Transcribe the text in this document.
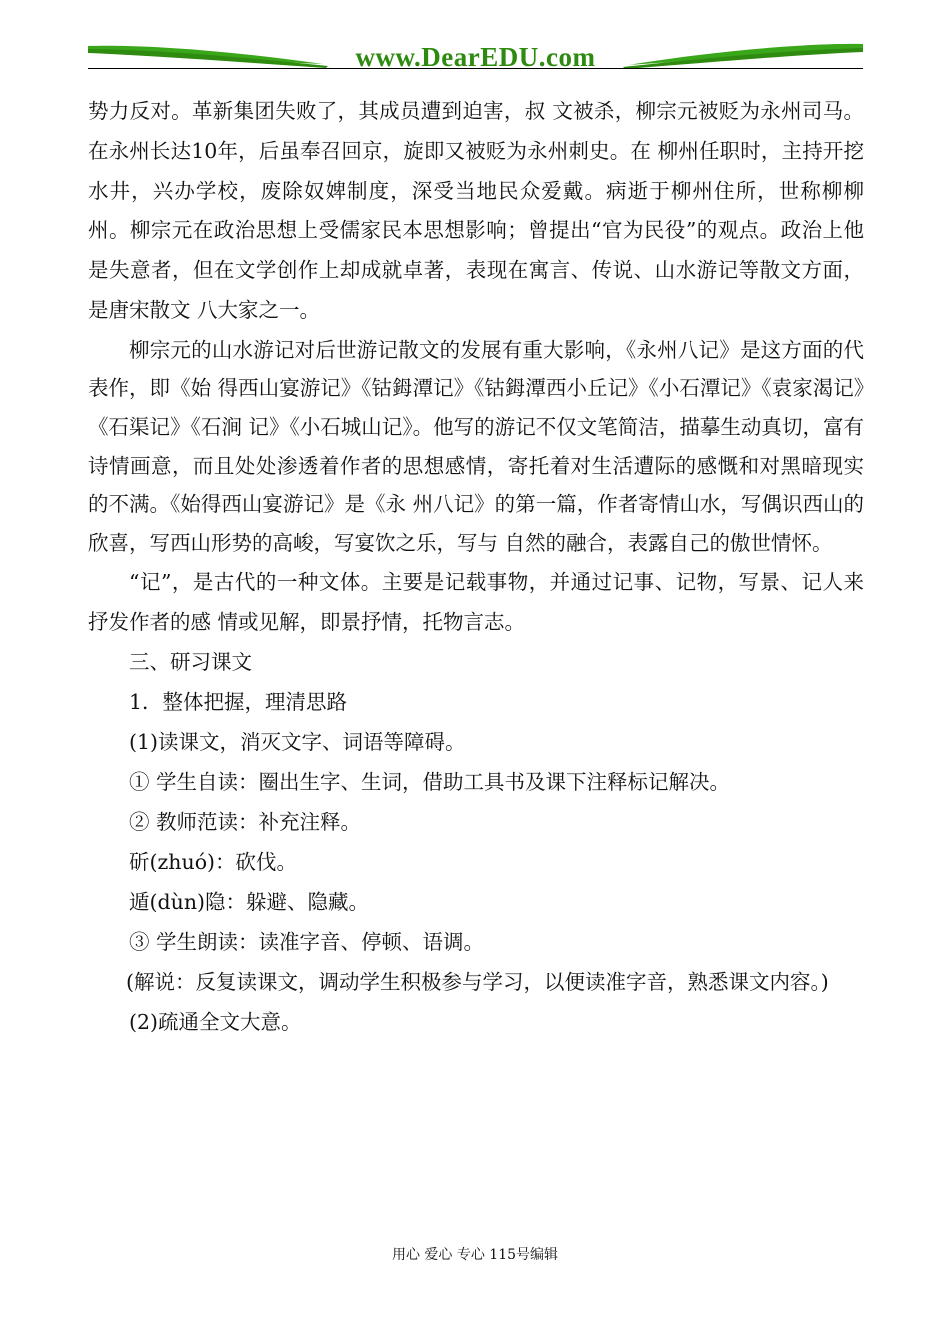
www.DearEDU.com

势力反对。革新集团失败了，其成员遭到迫害，叔 文被杀，柳宗元被贬为永州司马。在永州长达10年，后虽奉召回京，旋即又被贬为永州刺史。在 柳州任职时，主持开挖水井，兴办学校，废除奴婢制度，深受当地民众爱戴。病逝于柳州住所，世称柳柳州。柳宗元在政治思想上受儒家民本思想影响；曾提出“官为民役”的观点。政治上他 是失意者，但在文学创作上却成就卓著，表现在寓言、传说、山水游记等散文方面，是唐宋散文 八大家之一。

柳宗元的山水游记对后世游记散文的发展有重大影响，《永州八记》是这方面的代表作，即《始 得西山宴游记》《钴鉧潭记》《钴鉧潭西小丘记》《小石潭记》《袁家渴记》《石渠记》《石涧 记》《小石城山记》。他写的游记不仅文笔简洁，描摹生动真切，富有诗情画意，而且处处渗透着作者的思想感情，寄托着对生活遭际的感慨和对黑暗现实的不满。《始得西山宴游记》是《永 州八记》的第一篇，作者寄情山水，写偶识西山的欣喜，写西山形势的高峻，写宴饮之乐，写与 自然的融合，表露自己的傲世情怀。

“记”，是古代的一种文体。主要是记载事物，并通过记事、记物，写景、记人来抒发作者的感 情或见解，即景抒情，托物言志。

三、研习课文

1．整体把握，理清思路

(1)读课文，消灭文字、词语等障碍。

① 学生自读：圈出生字、生词，借助工具书及课下注释标记解决。

② 教师范读：补充注释。

斫(zhuó)：砍伐。

遁(dùn)隐：躲避、隐藏。

③ 学生朗读：读准字音、停顿、语调。

(解说：反复读课文，调动学生积极参与学习，以便读准字音，熟悉课文内容。)

(2)疏通全文大意。

用心 爱心 专心 115号编辑
